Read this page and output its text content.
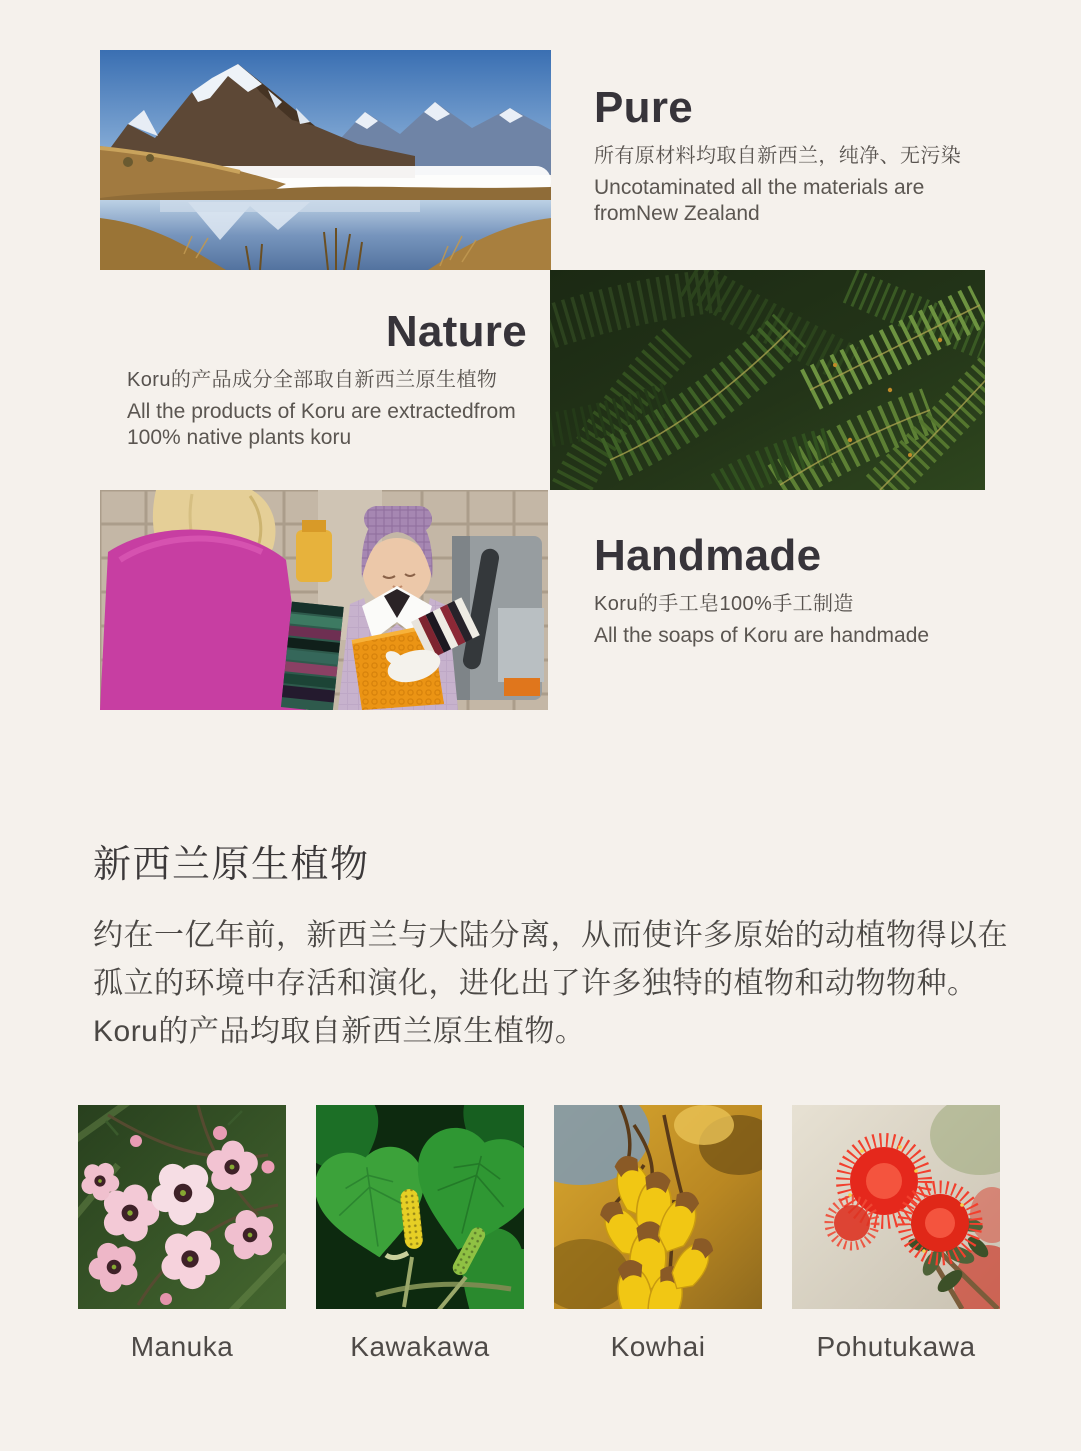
Pure

所有原材料均取自新西兰，纯净、无污染

Uncotaminated all the materials are fromNew Zealand

Nature

Koru的产品成分全部取自新西兰原生植物

All the products of Koru are extractedfrom 100% native plants koru

Handmade

Koru的手工皂100%手工制造

All the soaps of Koru are handmade

新西兰原生植物

约在一亿年前，新西兰与大陆分离，从而使许多原始的动植物得以在孤立的环境中存活和演化，进化出了许多独特的植物和动物物种。Koru的产品均取自新西兰原生植物。

Manuka	Kawakawa	Kowhai	Pohutukawa
